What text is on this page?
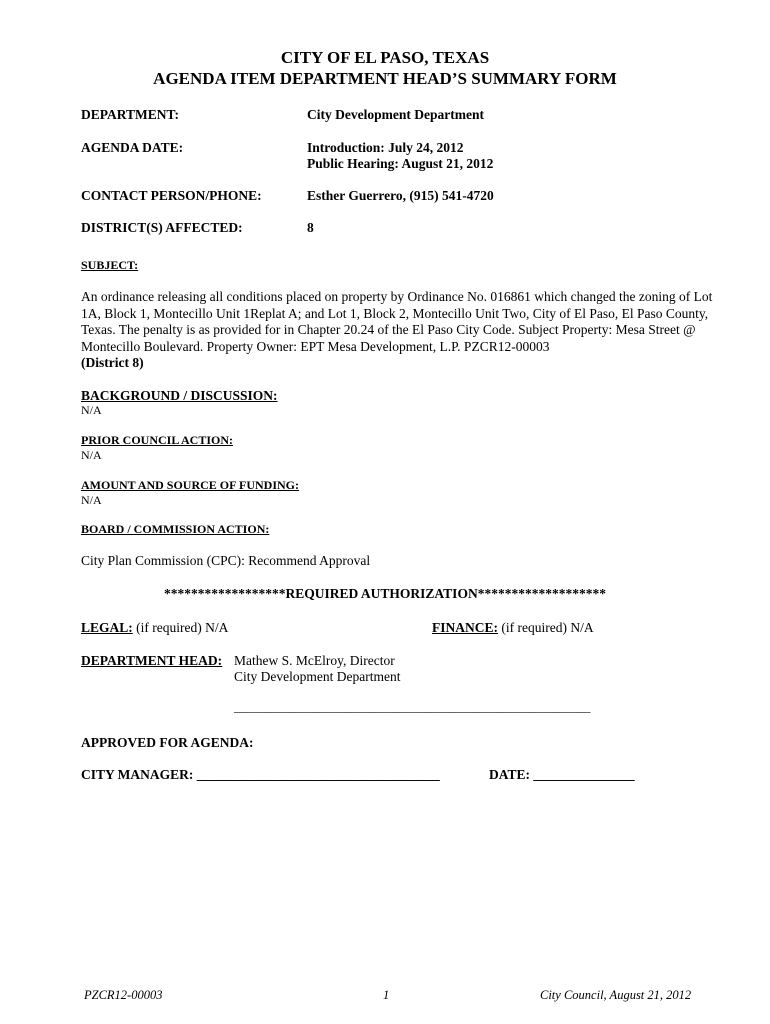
CITY OF EL PASO, TEXAS
AGENDA ITEM DEPARTMENT HEAD’S SUMMARY FORM
DEPARTMENT:	City Development Department
AGENDA DATE:	Introduction: July 24, 2012
Public Hearing: August 21, 2012
CONTACT PERSON/PHONE:	Esther Guerrero, (915) 541-4720
DISTRICT(S) AFFECTED:	8
SUBJECT:
An ordinance releasing all conditions placed on property by Ordinance No. 016861 which changed the zoning of Lot 1A, Block 1, Montecillo Unit 1Replat A; and Lot 1, Block 2, Montecillo Unit Two, City of El Paso, El Paso County, Texas. The penalty is as provided for in Chapter 20.24 of the El Paso City Code. Subject Property: Mesa Street @ Montecillo Boulevard. Property Owner: EPT Mesa Development, L.P. PZCR12-00003
(District 8)
BACKGROUND / DISCUSSION:
N/A
PRIOR COUNCIL ACTION:
N/A
AMOUNT AND SOURCE OF FUNDING:
N/A
BOARD / COMMISSION ACTION:
City Plan Commission (CPC): Recommend Approval
******************REQUIRED AUTHORIZATION*******************
LEGAL: (if required) N/A	FINANCE: (if required) N/A
DEPARTMENT HEAD: Mathew S. McElroy, Director
City Development Department
______________________________________________________________
APPROVED FOR AGENDA:
CITY MANAGER: ____________________________________	DATE: _______________
PZCR12-00003	1	City Council, August 21, 2012
